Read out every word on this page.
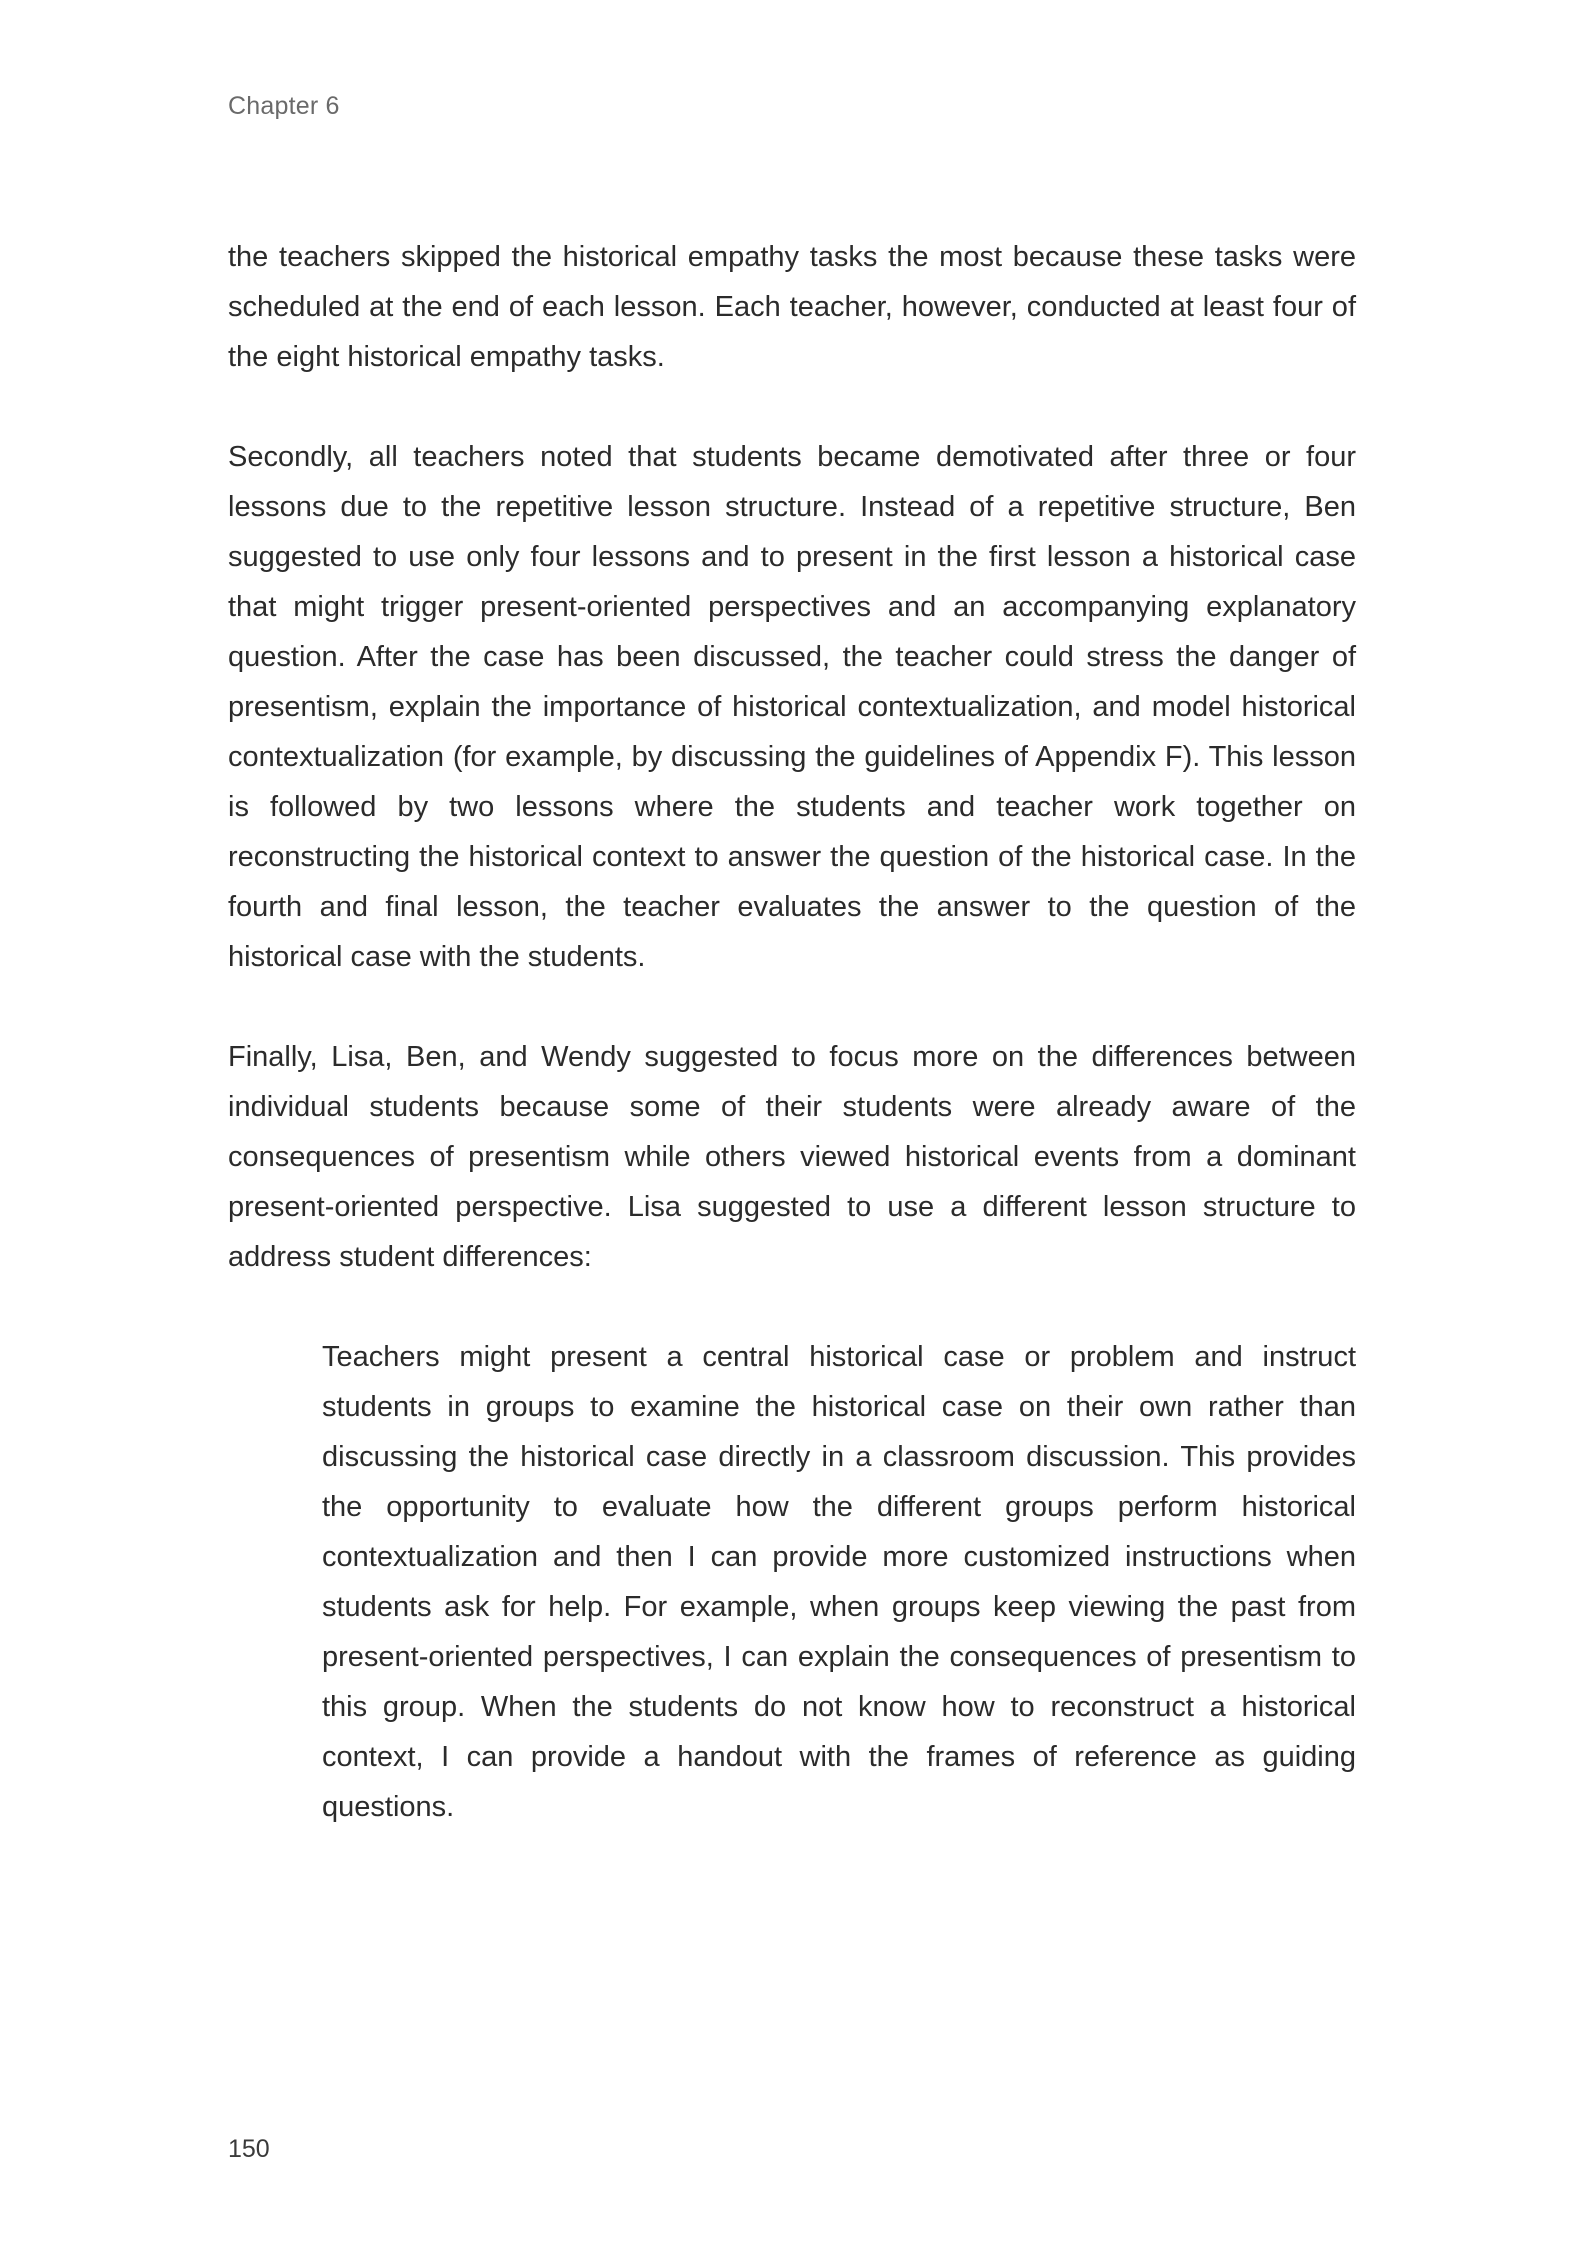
Chapter 6

the teachers skipped the historical empathy tasks the most because these tasks were scheduled at the end of each lesson. Each teacher, however, conducted at least four of the eight historical empathy tasks.

Secondly, all teachers noted that students became demotivated after three or four lessons due to the repetitive lesson structure. Instead of a repetitive structure, Ben suggested to use only four lessons and to present in the first lesson a historical case that might trigger present-oriented perspectives and an accompanying explanatory question. After the case has been discussed, the teacher could stress the danger of presentism, explain the importance of historical contextualization, and model historical contextualization (for example, by discussing the guidelines of Appendix F). This lesson is followed by two lessons where the students and teacher work together on reconstructing the historical context to answer the question of the historical case. In the fourth and final lesson, the teacher evaluates the answer to the question of the historical case with the students.

Finally, Lisa, Ben, and Wendy suggested to focus more on the differences between individual students because some of their students were already aware of the consequences of presentism while others viewed historical events from a dominant present-oriented perspective. Lisa suggested to use a different lesson structure to address student differences:

Teachers might present a central historical case or problem and instruct students in groups to examine the historical case on their own rather than discussing the historical case directly in a classroom discussion. This provides the opportunity to evaluate how the different groups perform historical contextualization and then I can provide more customized instructions when students ask for help. For example, when groups keep viewing the past from present-oriented perspectives, I can explain the consequences of presentism to this group. When the students do not know how to reconstruct a historical context, I can provide a handout with the frames of reference as guiding questions.
150
